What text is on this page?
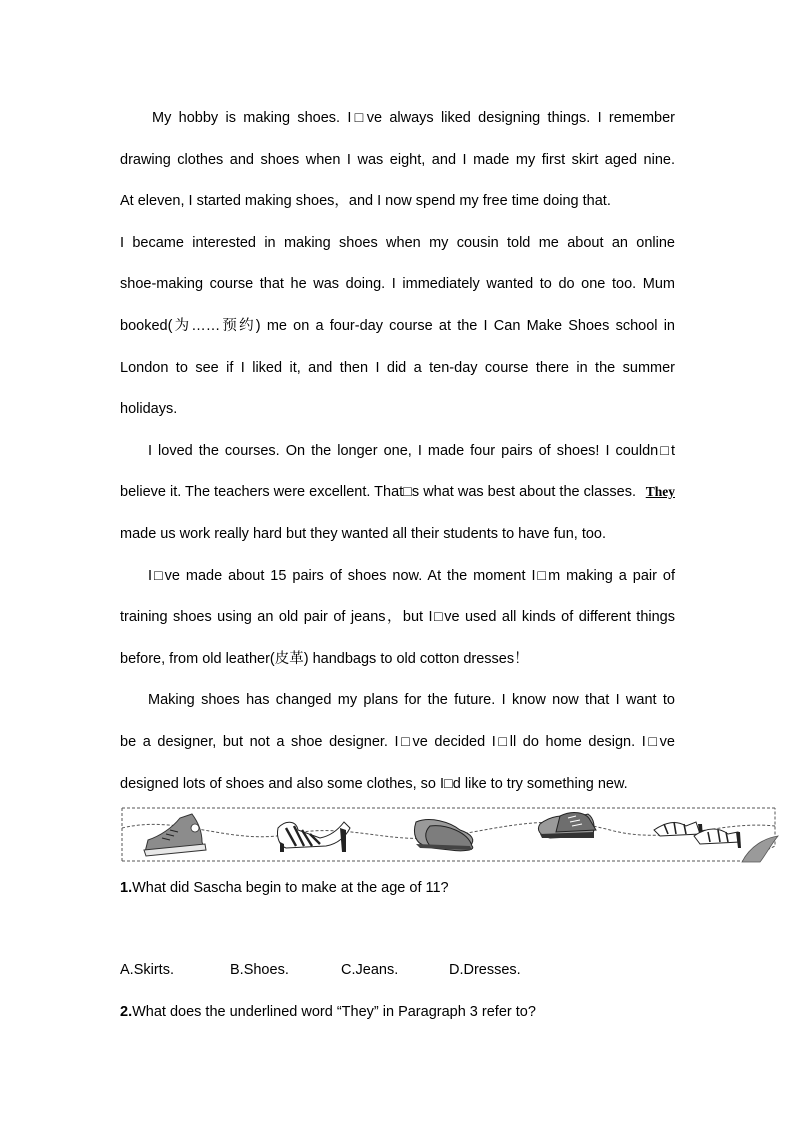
My hobby is making shoes. I□ve always liked designing things. I remember
drawing clothes and shoes when I was eight, and I made my first skirt aged nine.
At eleven, I started making shoes，and I now spend my free time doing that.
I became interested in making shoes when my cousin told me about an online
shoe-making course that he was doing. I immediately wanted to do one too. Mum
booked(为……预约) me on a four-day course at the I Can Make Shoes school in
London to see if I liked it, and then I did a ten-day course there in the summer
holidays.
I loved the courses. On the longer one, I made four pairs of shoes! I couldn□t
believe it. The teachers were excellent. That□s what was best about the classes. They
made us work really hard but they wanted all their students to have fun, too.
I□ve made about 15 pairs of shoes now. At the moment I□m making a pair of
training shoes using an old pair of jeans，but I□ve used all kinds of different things
before, from old leather(皮革) handbags to old cotton dresses！
Making shoes has changed my plans for the future. I know now that I want to
be a designer, but not a shoe designer. I□ve decided I□ll do home design. I□ve
designed lots of shoes and also some clothes, so I□d like to try something new.
1.What did Sascha begin to make at the age of 11?
A.Skirts.	B.Shoes.	C.Jeans.	D.Dresses.
2.What does the underlined word “They” in Paragraph 3 refer to?
